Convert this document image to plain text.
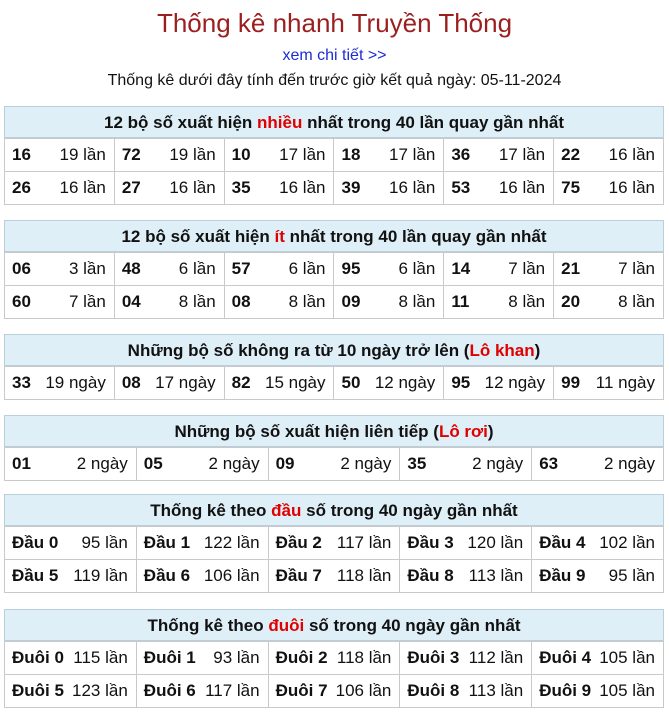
Thống kê nhanh Truyền Thống
xem chi tiết >>
Thống kê dưới đây tính đến trước giờ kết quả ngày: 05-11-2024
12 bộ số xuất hiện nhiều nhất trong 40 lần quay gần nhất
16 19 lần	72 19 lần	10 17 lần	18 17 lần	36 17 lần	22 16 lần

26 16 lần	27 16 lần	35 16 lần	39 16 lần	53 16 lần	75 16 lần
12 bộ số xuất hiện ít nhất trong 40 lần quay gần nhất
06 3 lần	48 6 lần	57 6 lần	95 6 lần	14 7 lần	21 7 lần

60 7 lần	04 8 lần	08 8 lần	09 8 lần	11 8 lần	20 8 lần
Những bộ số không ra từ 10 ngày trở lên (Lô khan)
33 19 ngày	08 17 ngày	82 15 ngày	50 12 ngày	95 12 ngày	99 11 ngày
Những bộ số xuất hiện liên tiếp (Lô rơi)
01	2 ngày	05	2 ngày	09	2 ngày	35	2 ngày	63	2 ngày
Thống kê theo đầu số trong 40 ngày gần nhất
Đầu 0 95 lần	Đầu 1 122 lần	Đầu 2 117 lần	Đầu 3 120 lần	Đầu 4 102 lần

Đầu 5 119 lần	Đầu 6 106 lần	Đầu 7 118 lần	Đầu 8 113 lần	Đầu 9 95 lần
Thống kê theo đuôi số trong 40 ngày gần nhất
Đuôi 0 115 lần	Đuôi 1 93 lần	Đuôi 2 118 lần	Đuôi 3 112 lần	Đuôi 4 105 lần

Đuôi 5 123 lần	Đuôi 6 117 lần	Đuôi 7 106 lần	Đuôi 8 113 lần	Đuôi 9 105 lần
